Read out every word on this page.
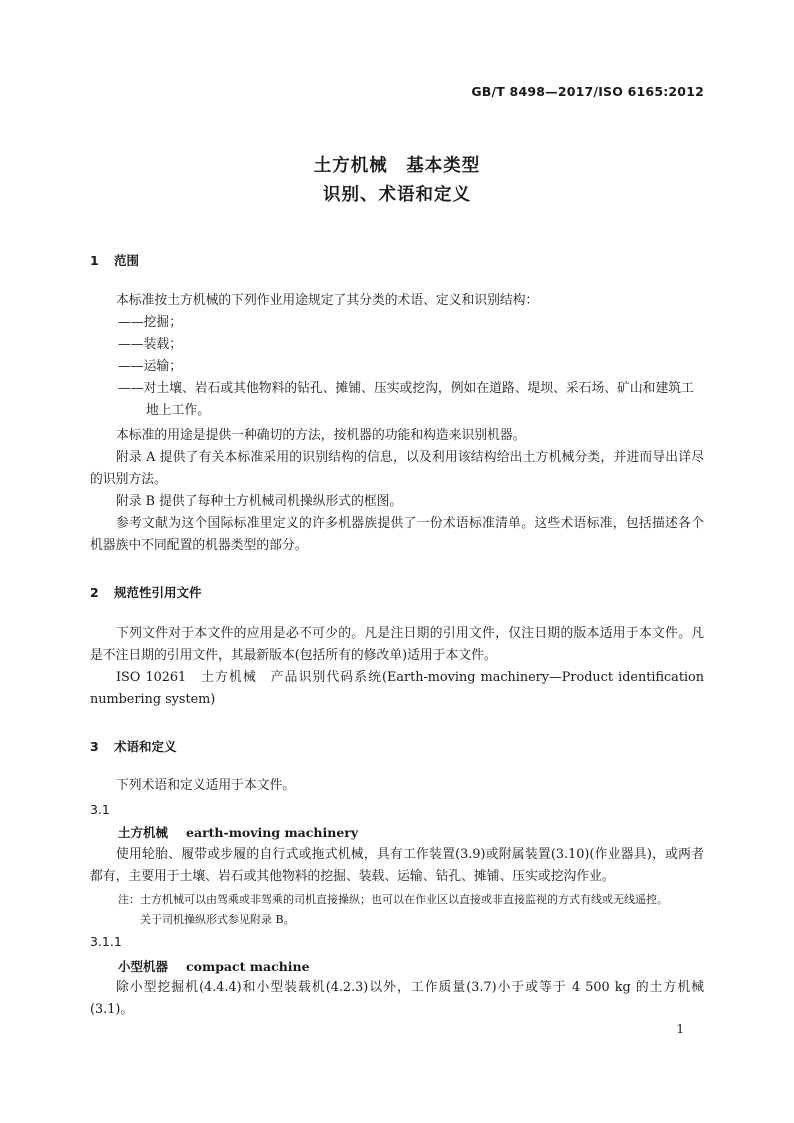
GB/T 8498—2017/ISO 6165:2012
土方机械　基本类型
识别、术语和定义
1 范围
本标准按土方机械的下列作业用途规定了其分类的术语、定义和识别结构：
——挖掘；
——装载；
——运输；
——对土壤、岩石或其他物料的钻孔、摊铺、压实或挖沟，例如在道路、堤坝、采石场、矿山和建筑工地上工作。
本标准的用途是提供一种确切的方法，按机器的功能和构造来识别机器。
附录 A 提供了有关本标准采用的识别结构的信息，以及利用该结构给出土方机械分类，并进而导出详尽的识别方法。
附录 B 提供了每种土方机械司机操纵形式的框图。
参考文献为这个国际标准里定义的许多机器族提供了一份术语标准清单。这些术语标准，包括描述各个机器族中不同配置的机器类型的部分。
2 规范性引用文件
下列文件对于本文件的应用是必不可少的。凡是注日期的引用文件，仅注日期的版本适用于本文件。凡是不注日期的引用文件，其最新版本(包括所有的修改单)适用于本文件。
ISO 10261　土方机械　产品识别代码系统(Earth-moving machinery—Product identification numbering system)
3 术语和定义
下列术语和定义适用于本文件。
3.1
土方机械 earth-moving machinery
使用轮胎、履带或步履的自行式或拖式机械，具有工作装置(3.9)或附属装置(3.10)(作业器具)，或两者都有，主要用于土壤、岩石或其他物料的挖掘、装载、运输、钻孔、摊铺、压实或挖沟作业。
注：土方机械可以由驾乘或非驾乘的司机直接操纵；也可以在作业区以直接或非直接监视的方式有线或无线遥控。
关于司机操纵形式参见附录 B。
3.1.1
小型机器 compact machine
除小型挖掘机(4.4.4)和小型装载机(4.2.3)以外，工作质量(3.7)小于或等于 4 500 kg 的土方机械(3.1)。
1
